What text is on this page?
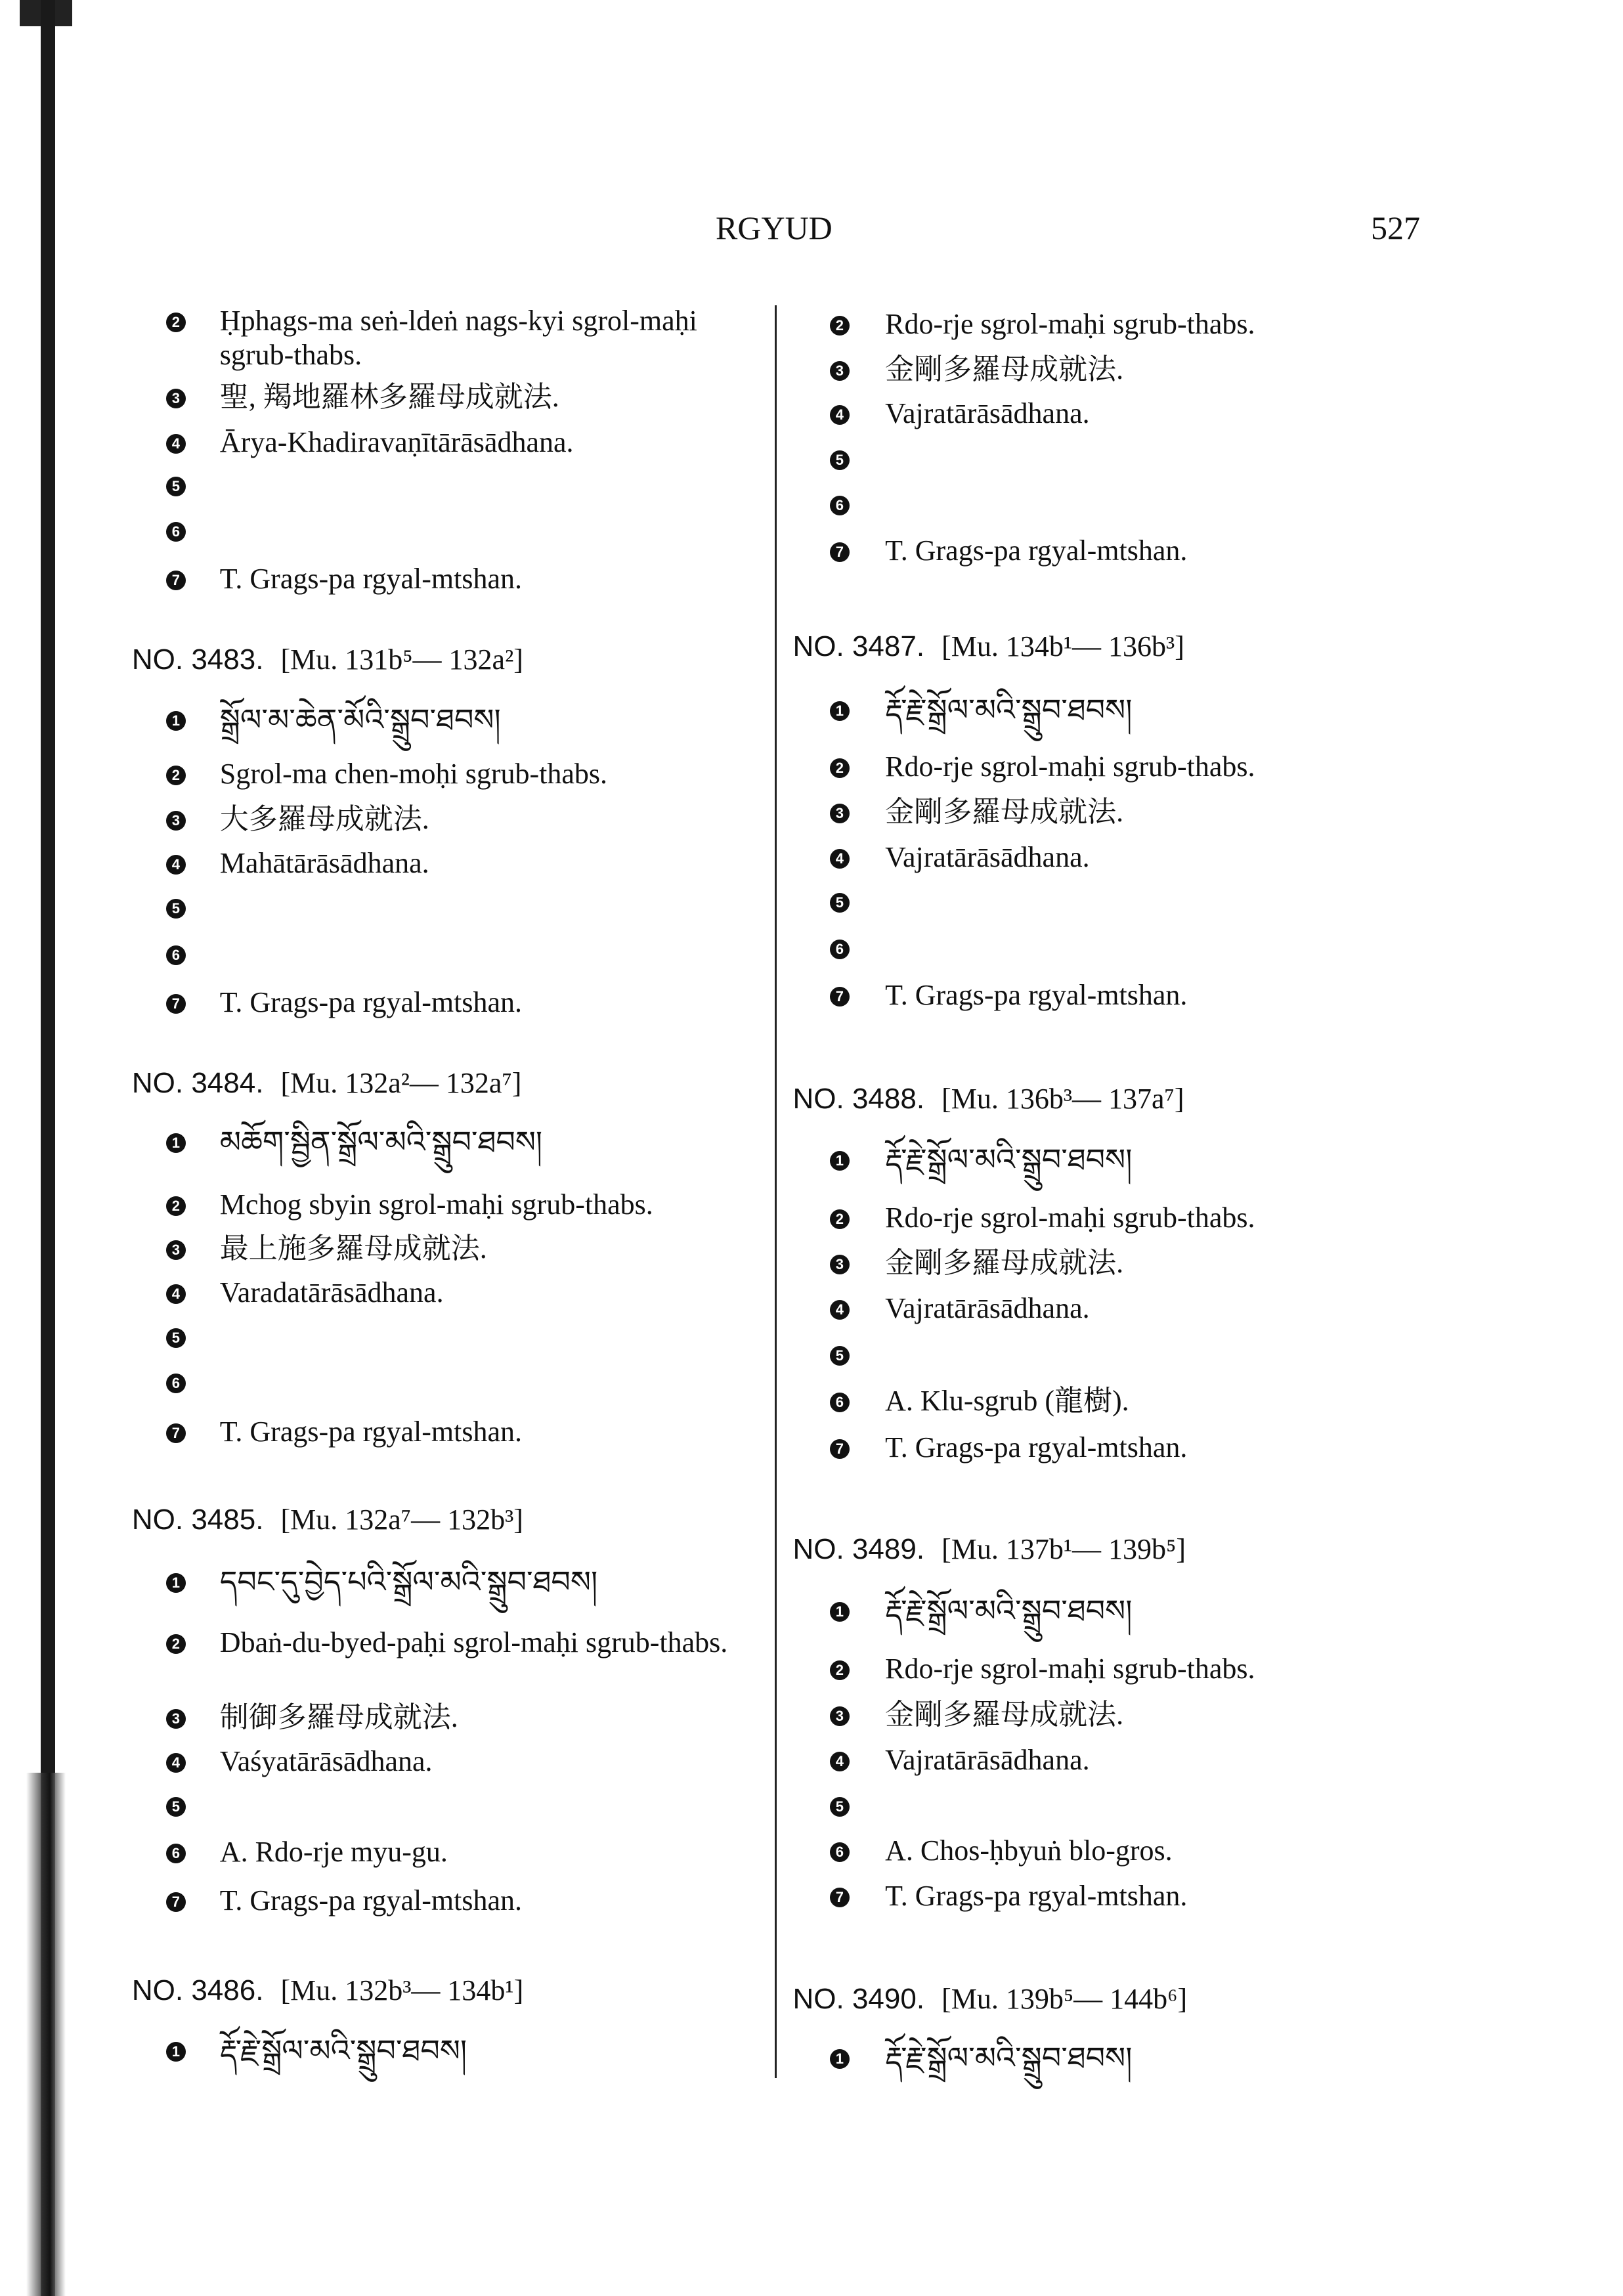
RGYUD	527
2 Ḥphags-ma seṅ-ldeṅ nags-kyi sgrol-maḥi sgrub-thabs.
3 聖, 羯地羅林多羅母成就法.
4 Ārya-Khadiravaṇītārāsādhana.
5
6
7 T. Grags-pa rgyal-mtshan.
NO. 3483. [Mu. 131b⁵— 132a²]
1 སྒྲོལ་མ་ཆེན་མོའི་སྒྲུབ་ཐབས།
2 Sgrol-ma chen-moḥi sgrub-thabs.
3 大多羅母成就法.
4 Mahātārāsādhana.
5
6
7 T. Grags-pa rgyal-mtshan.
NO. 3484. [Mu. 132a²— 132a⁷]
1 མཆོག་སྦྱིན་སྒྲོལ་མའི་སྒྲུབ་ཐབས།
2 Mchog sbyin sgrol-maḥi sgrub-thabs.
3 最上施多羅母成就法.
4 Varadatārāsādhana.
5
6
7 T. Grags-pa rgyal-mtshan.
NO. 3485. [Mu. 132a⁷— 132b³]
1 དབང་དུ་བྱེད་པའི་སྒྲོལ་མའི་སྒྲུབ་ཐབས།
2 Dbaṅ-du-byed-paḥi sgrol-maḥi sgrub-thabs.
3 制御多羅母成就法.
4 Vaśyatārāsādhana.
5
6 A. Rdo-rje myu-gu.
7 T. Grags-pa rgyal-mtshan.
NO. 3486. [Mu. 132b³— 134b¹]
1 རྡོ་རྗེ་སྒྲོལ་མའི་སྒྲུབ་ཐབས།
2 Rdo-rje sgrol-maḥi sgrub-thabs.
3 金剛多羅母成就法.
4 Vajratārāsādhana.
5
6
7 T. Grags-pa rgyal-mtshan.
NO. 3487. [Mu. 134b¹— 136b³]
1 རྡོ་རྗེ་སྒྲོལ་མའི་སྒྲུབ་ཐབས།
2 Rdo-rje sgrol-maḥi sgrub-thabs.
3 金剛多羅母成就法.
4 Vajratārāsādhana.
5
6
7 T. Grags-pa rgyal-mtshan.
NO. 3488. [Mu. 136b³— 137a⁷]
1 རྡོ་རྗེ་སྒྲོལ་མའི་སྒྲུབ་ཐབས།
2 Rdo-rje sgrol-maḥi sgrub-thabs.
3 金剛多羅母成就法.
4 Vajratārāsādhana.
5
6 A. Klu-sgrub (龍樹).
7 T. Grags-pa rgyal-mtshan.
NO. 3489. [Mu. 137b¹— 139b⁵]
1 རྡོ་རྗེ་སྒྲོལ་མའི་སྒྲུབ་ཐབས།
2 Rdo-rje sgrol-maḥi sgrub-thabs.
3 金剛多羅母成就法.
4 Vajratārāsādhana.
5
6 A. Chos-ḥbyuṅ blo-gros.
7 T. Grags-pa rgyal-mtshan.
NO. 3490. [Mu. 139b⁵— 144b⁶]
1 རྡོ་རྗེ་སྒྲོལ་མའི་སྒྲུབ་ཐབས།
